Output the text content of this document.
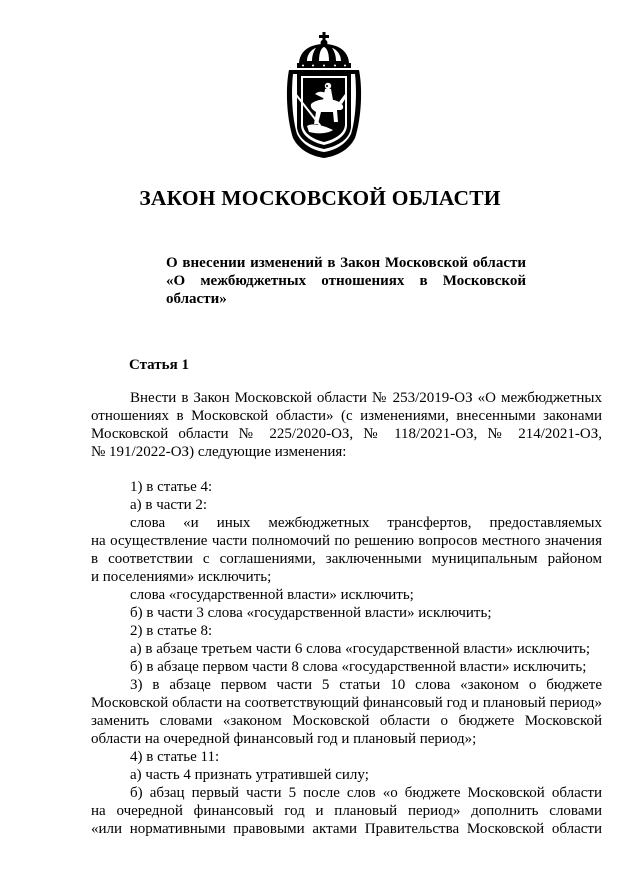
ЗАКОН МОСКОВСКОЙ ОБЛАСТИ
О внесении изменений в Закон Московской области
«О межбюджетных отношениях в Московской
области»
Статья 1
Внести в Закон Московской области № 253/2019-ОЗ «О межбюджетных
отношениях в Московской области» (с изменениями, внесенными законами
Московской области № 225/2020-ОЗ, № 118/2021-ОЗ, № 214/2021-ОЗ,
№ 191/2022-ОЗ) следующие изменения:
1) в статье 4:
а) в части 2:
слова «и иных межбюджетных трансфертов, предоставляемых
на осуществление части полномочий по решению вопросов местного значения
в соответствии с соглашениями, заключенными муниципальным районом
и поселениями» исключить;
слова «государственной власти» исключить;
б) в части 3 слова «государственной власти» исключить;
2) в статье 8:
а) в абзаце третьем части 6 слова «государственной власти» исключить;
б) в абзаце первом части 8 слова «государственной власти» исключить;
3) в абзаце первом части 5 статьи 10 слова «законом о бюджете
Московской области на соответствующий финансовый год и плановый период»
заменить словами «законом Московской области о бюджете Московской
области на очередной финансовый год и плановый период»;
4) в статье 11:
а) часть 4 признать утратившей силу;
б) абзац первый части 5 после слов «о бюджете Московской области
на очередной финансовый год и плановый период» дополнить словами
«или нормативными правовыми актами Правительства Московской области
